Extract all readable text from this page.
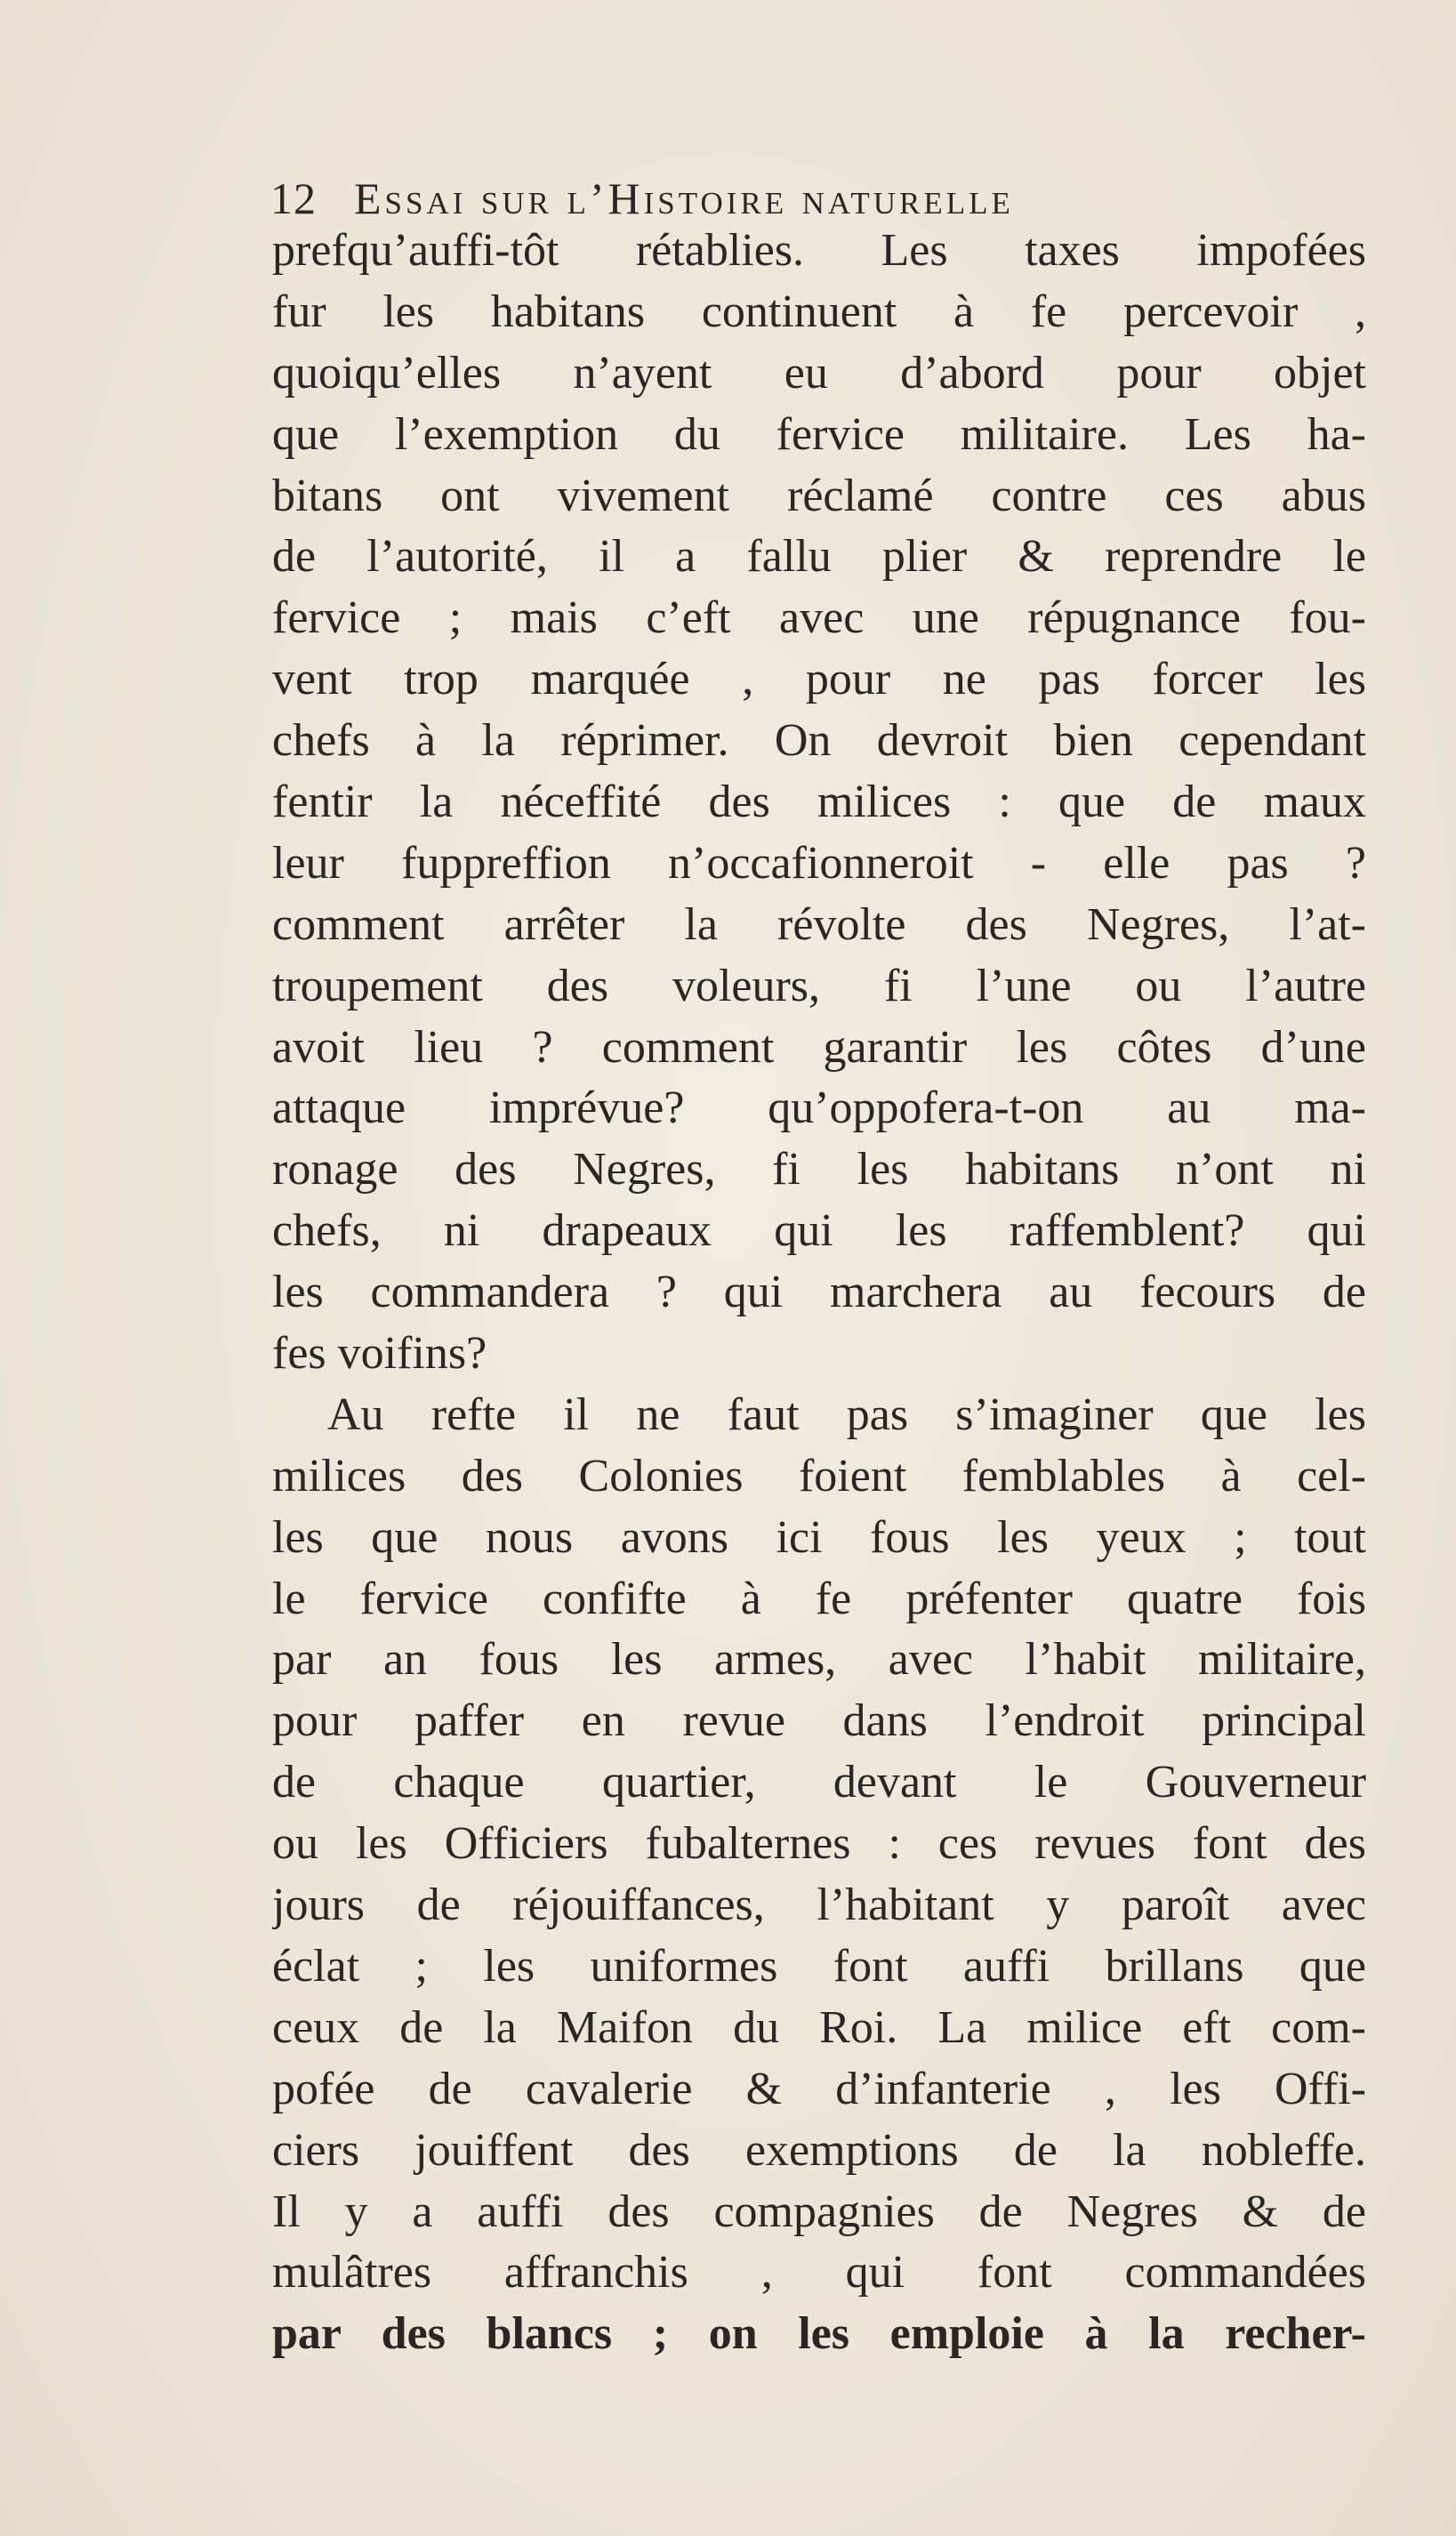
12 Essai sur l’Histoire naturelle
prefqu’auffi-tôt rétablies. Les taxes impofées
fur les habitans continuent à fe percevoir ,
quoiqu’elles n’ayent eu d’abord pour objet
que l’exemption du fervice militaire. Les ha-
bitans ont vivement réclamé contre ces abus
de l’autorité, il a fallu plier & reprendre le
fervice ; mais c’eft avec une répugnance fou-
vent trop marquée , pour ne pas forcer les
chefs à la réprimer. On devroit bien cependant
fentir la néceffité des milices : que de maux
leur fuppreffion n’occafionneroit - elle pas ?
comment arrêter la révolte des Negres, l’at-
troupement des voleurs, fi l’une ou l’autre
avoit lieu ? comment garantir les côtes d’une
attaque imprévue? qu’oppofera-t-on au ma-
ronage des Negres, fi les habitans n’ont ni
chefs, ni drapeaux qui les raffemblent? qui
les commandera ? qui marchera au fecours de
fes voifins?
Au refte il ne faut pas s’imaginer que les
milices des Colonies foient femblables à cel-
les que nous avons ici fous les yeux ; tout
le fervice confifte à fe préfenter quatre fois
par an fous les armes, avec l’habit militaire,
pour paffer en revue dans l’endroit principal
de chaque quartier, devant le Gouverneur
ou les Officiers fubalternes : ces revues font des
jours de réjouiffances, l’habitant y paroît avec
éclat ; les uniformes font auffi brillans que
ceux de la Maifon du Roi. La milice eft com-
pofée de cavalerie & d’infanterie , les Offi-
ciers jouiffent des exemptions de la nobleffe.
Il y a auffi des compagnies de Negres & de
mulâtres affranchis , qui font commandées
par des blancs ; on les emploie à la recher-
